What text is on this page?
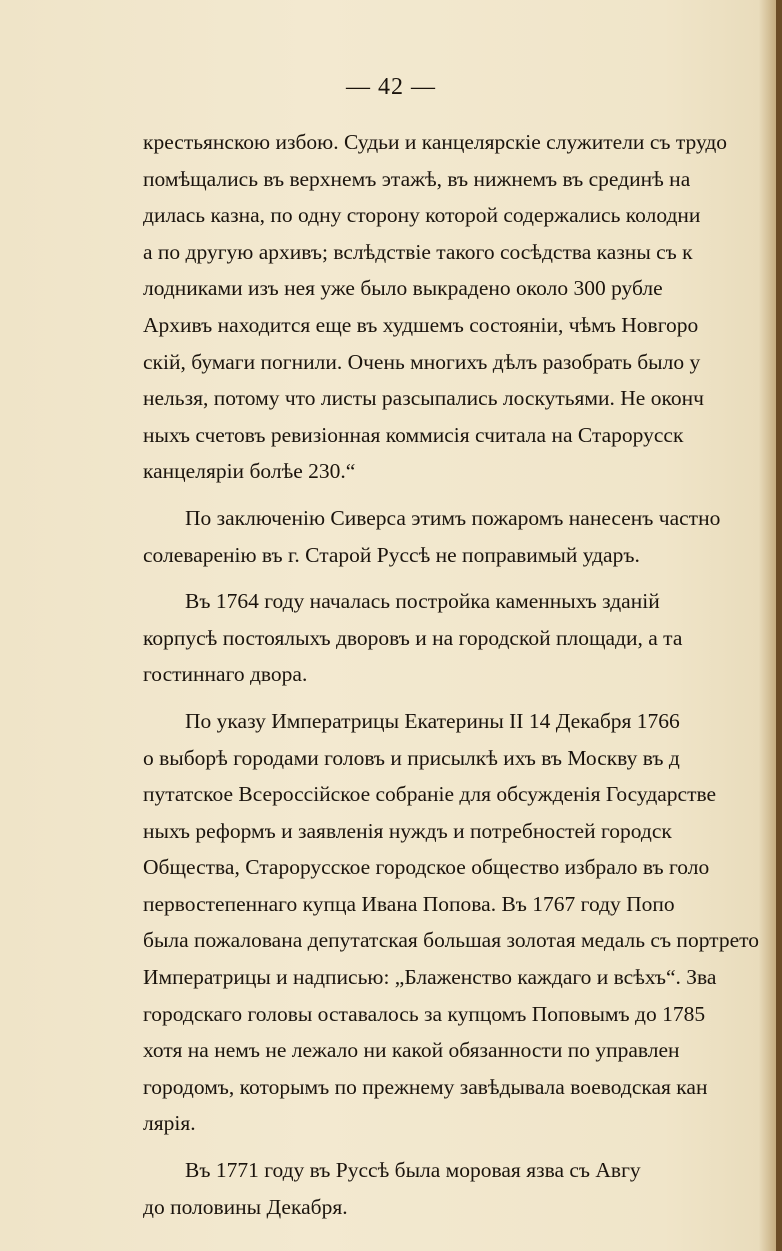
— 42 —
крестьянскою избою. Судьи и канцелярскіе служители съ трудо
помѣщались въ верхнемъ этажѣ, въ нижнемъ въ срединѣ на
дилась казна, по одну сторону которой содержались колодни
а по другую архивъ; вслѣдствіе такого сосѣдства казны съ к
лодниками изъ нея уже было выкрадено около 300 рубле
Архивъ находится еще въ худшемъ состояніи, чѣмъ Новгоро
скій, бумаги погнили. Очень многихъ дѣлъ разобрать было у
нельзя, потому что листы разсыпались лоскутьями. Не оконч
ныхъ счетовъ ревизіонная коммисія считала на Старорусск
канцеляріи болѣе 230.“
По заключенію Сиверса этимъ пожаромъ нанесенъ частно
солеваренію въ г. Старой Руссѣ не поправимый ударъ.
Въ 1764 году началась постройка каменныхъ зданій
корпусѣ постоялыхъ дворовъ и на городской площади, а та
гостиннаго двора.
По указу Императрицы Екатерины II 14 Декабря 1766
о выборѣ городами головъ и присылкѣ ихъ въ Москву въ д
путатское Всероссійское собраніе для обсужденія Государстве
ныхъ реформъ и заявленія нуждъ и потребностей городск
Общества, Старорусское городское общество избрало въ голо
первостепеннаго купца Ивана Попова. Въ 1767 году Попо
была пожалована депутатская большая золотая медаль съ портрето
Императрицы и надписью: „Блаженство каждаго и всѣхъ“. Зва
городскаго головы оставалось за купцомъ Поповымъ до 1785
хотя на немъ не лежало ни какой обязанности по управлен
городомъ, которымъ по прежнему завѣдывала воеводская кан
лярія.
Въ 1771 году въ Руссѣ была моровая язва съ Авгу
до половины Декабря.
